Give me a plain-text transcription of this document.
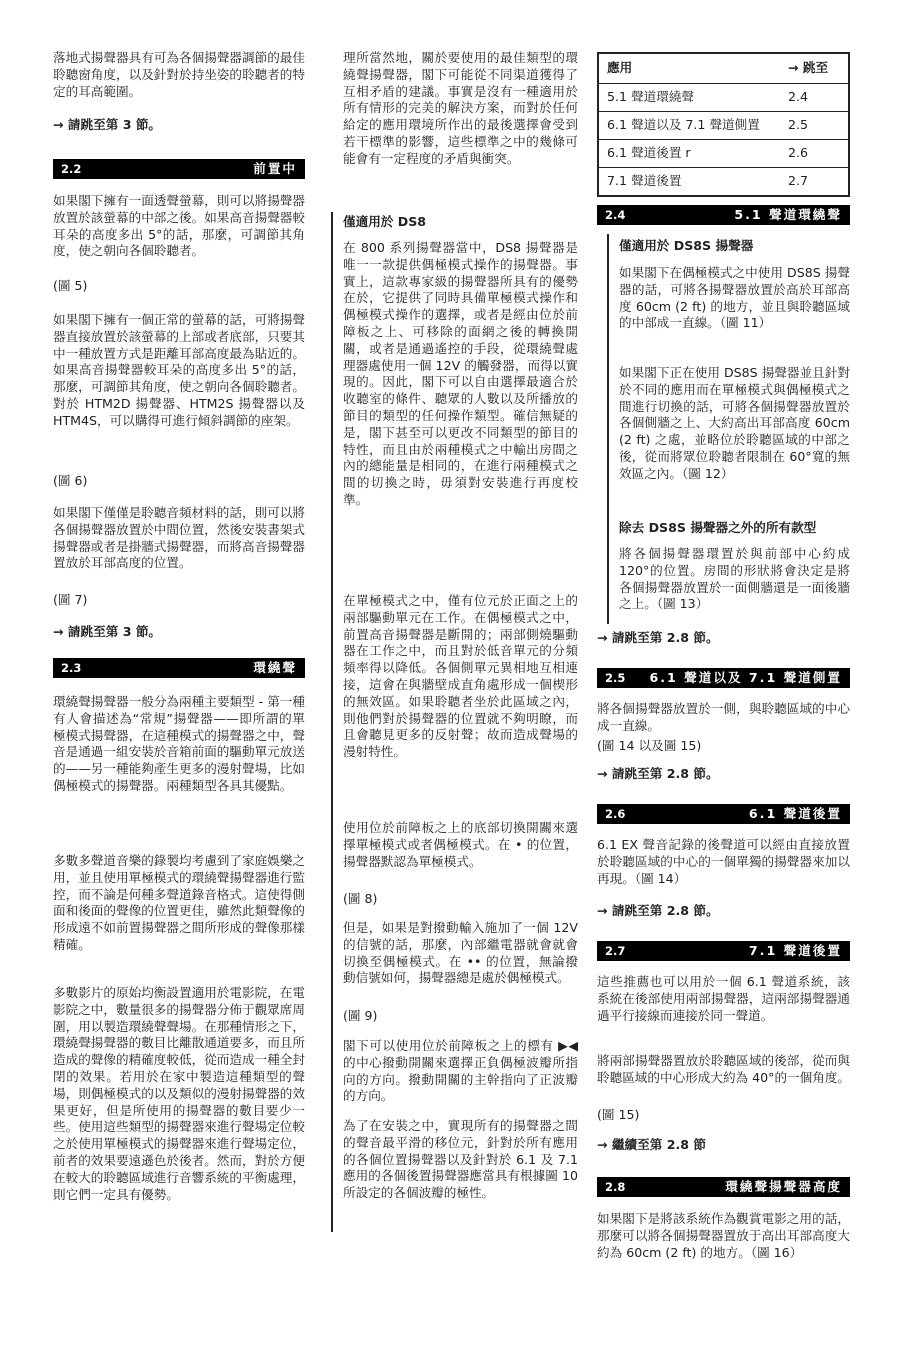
落地式揚聲器具有可為各個揚聲器調節的最佳聆聽窗角度，以及針對於持坐姿的聆聽者的特定的耳高範圍。

→ 請跳至第 3 節。
2.2	前置中

如果閣下擁有一面透聲螢幕，則可以將揚聲器放置於該螢幕的中部之後。如果高音揚聲器較耳朵的高度多出 5°的話，那麼，可調節其角度，使之朝向各個聆聽者。

(圖 5)

如果閣下擁有一個正常的螢幕的話，可將揚聲器直接放置於該螢幕的上部或者底部，只要其中一種放置方式是距離耳部高度最為貼近的。如果高音揚聲器較耳朵的高度多出 5°的話，那麼，可調節其角度，使之朝向各個聆聽者。對於 HTM2D 揚聲器、HTM2S 揚聲器以及 HTM4S，可以購得可進行傾斜調節的座架。

(圖 6)

如果閣下僅僅是聆聽音頻材料的話，則可以將各個揚聲器放置於中間位置，然後安裝書架式揚聲器或者是掛牆式揚聲器，而將高音揚聲器置放於耳部高度的位置。

(圖 7)

→ 請跳至第 3 節。
2.3	環繞聲

環繞聲揚聲器一般分為兩種主要類型 - 第一種有人會描述為“常規”揚聲器——即所謂的單極模式揚聲器，在這種模式的揚聲器之中，聲音是通過一組安裝於音箱前面的驅動單元放送的——另一種能夠產生更多的漫射聲場，比如偶極模式的揚聲器。兩種類型各具其優點。

多數多聲道音樂的錄製均考慮到了家庭娛樂之用，並且使用單極模式的環繞聲揚聲器進行監控，而不論是何種多聲道錄音格式。這使得側面和後面的聲像的位置更佳，雖然此類聲像的形成遠不如前置揚聲器之間所形成的聲像那樣精確。

多數影片的原始均衡設置適用於電影院，在電影院之中，數量很多的揚聲器分佈于觀眾席周圍，用以製造環繞聲聲場。在那種情形之下，環繞聲揚聲器的數目比離散通道要多，而且所造成的聲像的精確度較低，從而造成一種全封閉的效果。若用於在家中製造這種類型的聲場，則偶極模式的以及類似的漫射揚聲器的效果更好，但是所使用的揚聲器的數目要少一些。使用這些類型的揚聲器來進行聲場定位較之於使用單極模式的揚聲器來進行聲場定位，前者的效果要遠遜色於後者。然而，對於方便在較大的聆聽區域進行音響系統的平衡處理，則它們一定具有優勢。

理所當然地，關於要使用的最佳類型的環繞聲揚聲器，閣下可能從不同渠道獲得了互相矛盾的建議。事實是沒有一種適用於所有情形的完美的解決方案，而對於任何給定的應用環境所作出的最後選擇會受到若干標準的影響，這些標準之中的幾條可能會有一定程度的矛盾與衝突。

僅適用於 DS8

在 800 系列揚聲器當中，DS8 揚聲器是唯一一款提供偶極模式操作的揚聲器。事實上，這款專家級的揚聲器所具有的優勢在於，它提供了同時具備單極模式操作和偶極模式操作的選擇，或者是經由位於前障板之上、可移除的面網之後的轉換開關，或者是通過遙控的手段，從環繞聲處理器處使用一個 12V 的觸發器，而得以實現的。因此，閣下可以自由選擇最適合於收聽室的條件、聽眾的人數以及所播放的節目的類型的任何操作類型。確信無疑的是，閣下甚至可以更改不同類型的節目的特性，而且由於兩種模式之中輸出房間之內的總能量是相同的，在進行兩種模式之間的切換之時，毋須對安裝進行再度校準。

在單極模式之中，僅有位元於正面之上的兩部驅動單元在工作。在偶極模式之中，前置高音揚聲器是斷開的；兩部側燒驅動器在工作之中，而且對於低音單元的分頻頻率得以降低。各個側單元異相地互相連接，這會在與牆壁成直角處形成一個楔形的無效區。如果聆聽者坐於此區域之內，則他們對於揚聲器的位置就不夠明瞭，而且會聽見更多的反射聲；故而造成聲場的漫射特性。

使用位於前障板之上的底部切換開關來選擇單極模式或者偶極模式。在 • 的位置，揚聲器默認為單極模式。

(圖 8)

但是，如果是對撥動輸入施加了一個 12V 的信號的話，那麼，內部繼電器就會就會切換至偶極模式。在 •• 的位置，無論撥動信號如何，揚聲器總是處於偶極模式。

(圖 9)

閣下可以使用位於前障板之上的標有 ▶◀ 的中心撥動開關來選擇正負偶極波瓣所指向的方向。撥動開關的主幹指向了正波瓣的方向。

為了在安裝之中，實現所有的揚聲器之間的聲音最平滑的移位元，針對於所有應用的各個位置揚聲器以及針對於 6.1 及 7.1 應用的各個後置揚聲器應當具有根據圖 10 所設定的各個波瓣的極性。

應用	→ 跳至
5.1 聲道環繞聲	2.4
6.1 聲道以及 7.1 聲道側置	2.5
6.1 聲道後置 r	2.6
7.1 聲道後置	2.7
2.4	5.1 聲道環繞聲
僅適用於 DS8S 揚聲器

如果閣下在偶極模式之中使用 DS8S 揚聲器的話，可將各揚聲器放置於高於耳部高度 60cm (2 ft) 的地方，並且與聆聽區域的中部成一直線。（圖 11）

如果閣下正在使用 DS8S 揚聲器並且針對於不同的應用而在單極模式與偶極模式之間進行切換的話，可將各個揚聲器放置於各個側牆之上、大約高出耳部高度 60cm (2 ft) 之處，並略位於聆聽區域的中部之後，從而將眾位聆聽者限制在 60°寬的無效區之內。（圖 12）

除去 DS8S 揚聲器之外的所有款型

將各個揚聲器環置於與前部中心約成 120°的位置。房間的形狀將會決定是將各個揚聲器放置於一面側牆還是一面後牆之上。（圖 13）

→ 請跳至第 2.8 節。
2.5 6.1 聲道以及 7.1 聲道側置

將各個揚聲器放置於一側，與聆聽區域的中心成一直線。

(圖 14 以及圖 15)

→ 請跳至第 2.8 節。
2.6	6.1 聲道後置

6.1 EX 聲音記錄的後聲道可以經由直接放置於聆聽區域的中心的一個單獨的揚聲器來加以再現。（圖 14）

→ 請跳至第 2.8 節。
2.7	7.1 聲道後置

這些推薦也可以用於一個 6.1 聲道系統，該系統在後部使用兩部揚聲器，這兩部揚聲器通過平行接線而連接於同一聲道。

將兩部揚聲器置放於聆聽區域的後部，從而與聆聽區域的中心形成大約為 40°的一個角度。

(圖 15)

→ 繼續至第 2.8 節
2.8	環繞聲揚聲器高度

如果閣下是將該系統作為觀賞電影之用的話，那麼可以將各個揚聲器置放于高出耳部高度大約為 60cm (2 ft) 的地方。（圖 16）
